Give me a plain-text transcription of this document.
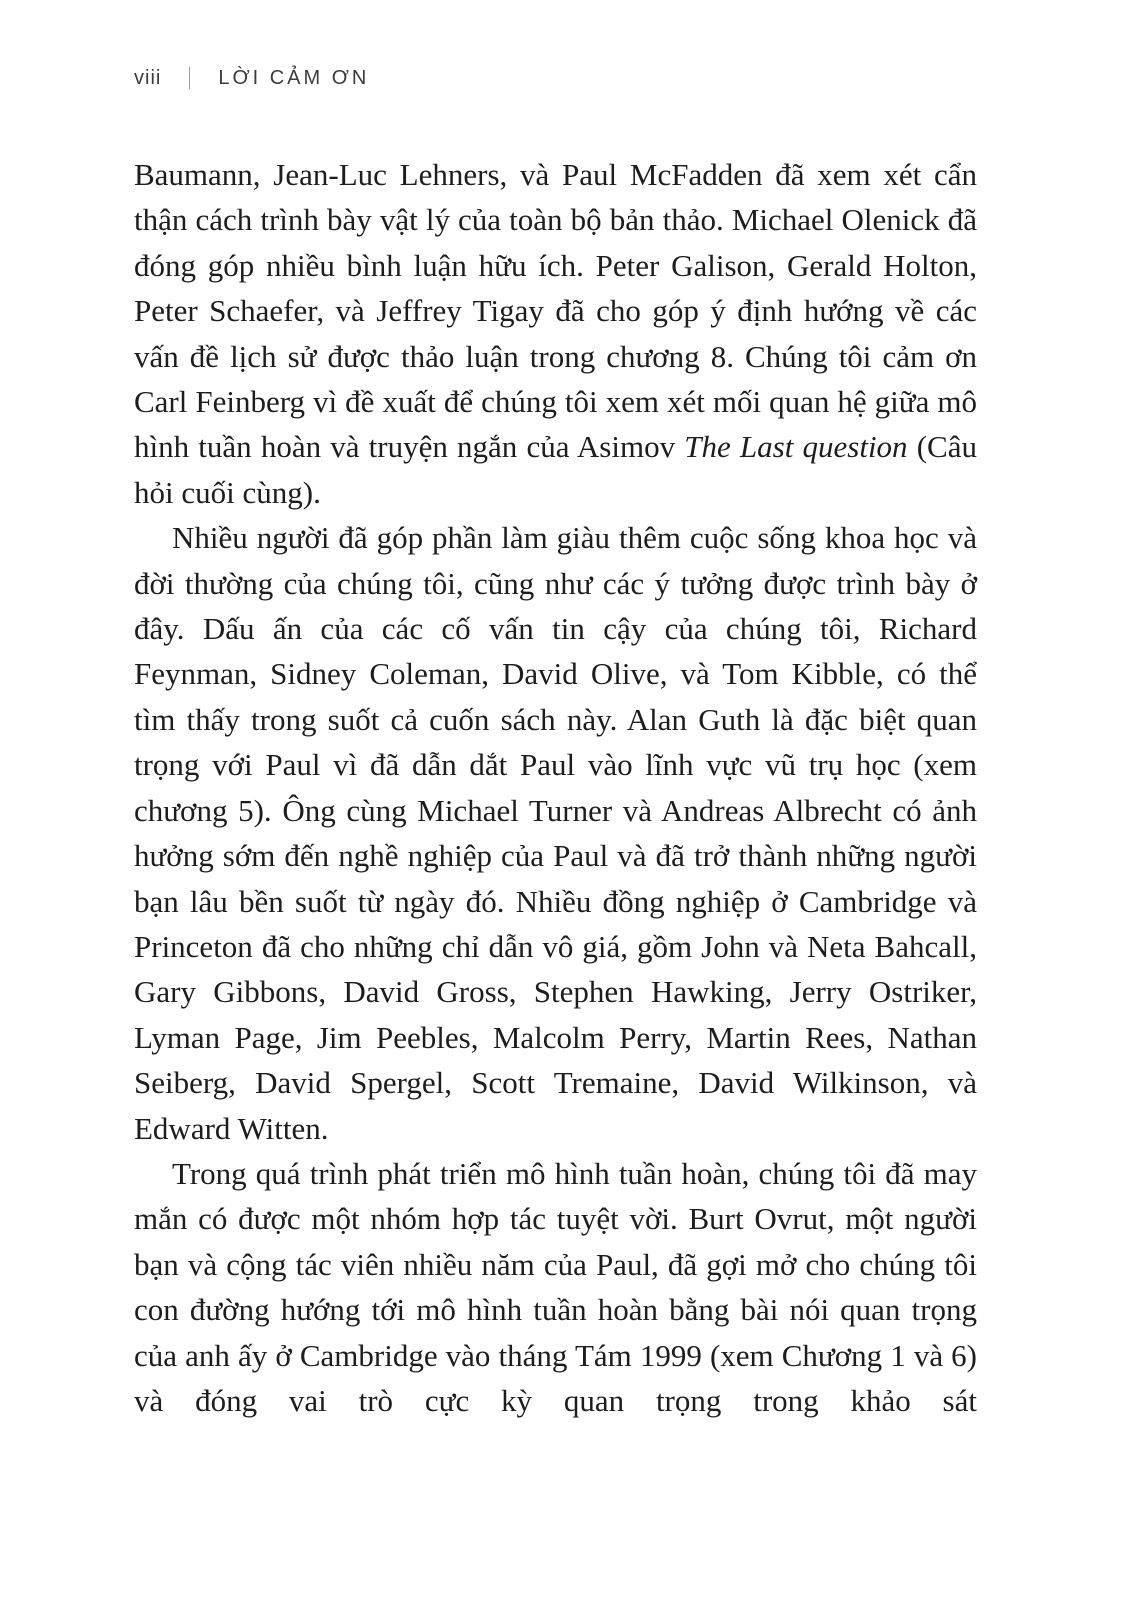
viii	LỜI CẢM ƠN

Baumann, Jean-Luc Lehners, và Paul McFadden đã xem xét cẩn thận cách trình bày vật lý của toàn bộ bản thảo. Michael Olenick đã đóng góp nhiều bình luận hữu ích. Peter Galison, Gerald Holton, Peter Schaefer, và Jeffrey Tigay đã cho góp ý định hướng về các vấn đề lịch sử được thảo luận trong chương 8. Chúng tôi cảm ơn Carl Feinberg vì đề xuất để chúng tôi xem xét mối quan hệ giữa mô hình tuần hoàn và truyện ngắn của Asimov The Last question (Câu hỏi cuối cùng).

Nhiều người đã góp phần làm giàu thêm cuộc sống khoa học và đời thường của chúng tôi, cũng như các ý tưởng được trình bày ở đây. Dấu ấn của các cố vấn tin cậy của chúng tôi, Richard Feynman, Sidney Coleman, David Olive, và Tom Kibble, có thể tìm thấy trong suốt cả cuốn sách này. Alan Guth là đặc biệt quan trọng với Paul vì đã dẫn dắt Paul vào lĩnh vực vũ trụ học (xem chương 5). Ông cùng Michael Turner và Andreas Albrecht có ảnh hưởng sớm đến nghề nghiệp của Paul và đã trở thành những người bạn lâu bền suốt từ ngày đó. Nhiều đồng nghiệp ở Cambridge và Princeton đã cho những chỉ dẫn vô giá, gồm John và Neta Bahcall, Gary Gibbons, David Gross, Stephen Hawking, Jerry Ostriker, Lyman Page, Jim Peebles, Malcolm Perry, Martin Rees, Nathan Seiberg, David Spergel, Scott Tremaine, David Wilkinson, và Edward Witten.

Trong quá trình phát triển mô hình tuần hoàn, chúng tôi đã may mắn có được một nhóm hợp tác tuyệt vời. Burt Ovrut, một người bạn và cộng tác viên nhiều năm của Paul, đã gợi mở cho chúng tôi con đường hướng tới mô hình tuần hoàn bằng bài nói quan trọng của anh ấy ở Cambridge vào tháng Tám 1999 (xem Chương 1 và 6) và đóng vai trò cực kỳ quan trọng trong khảo sát
